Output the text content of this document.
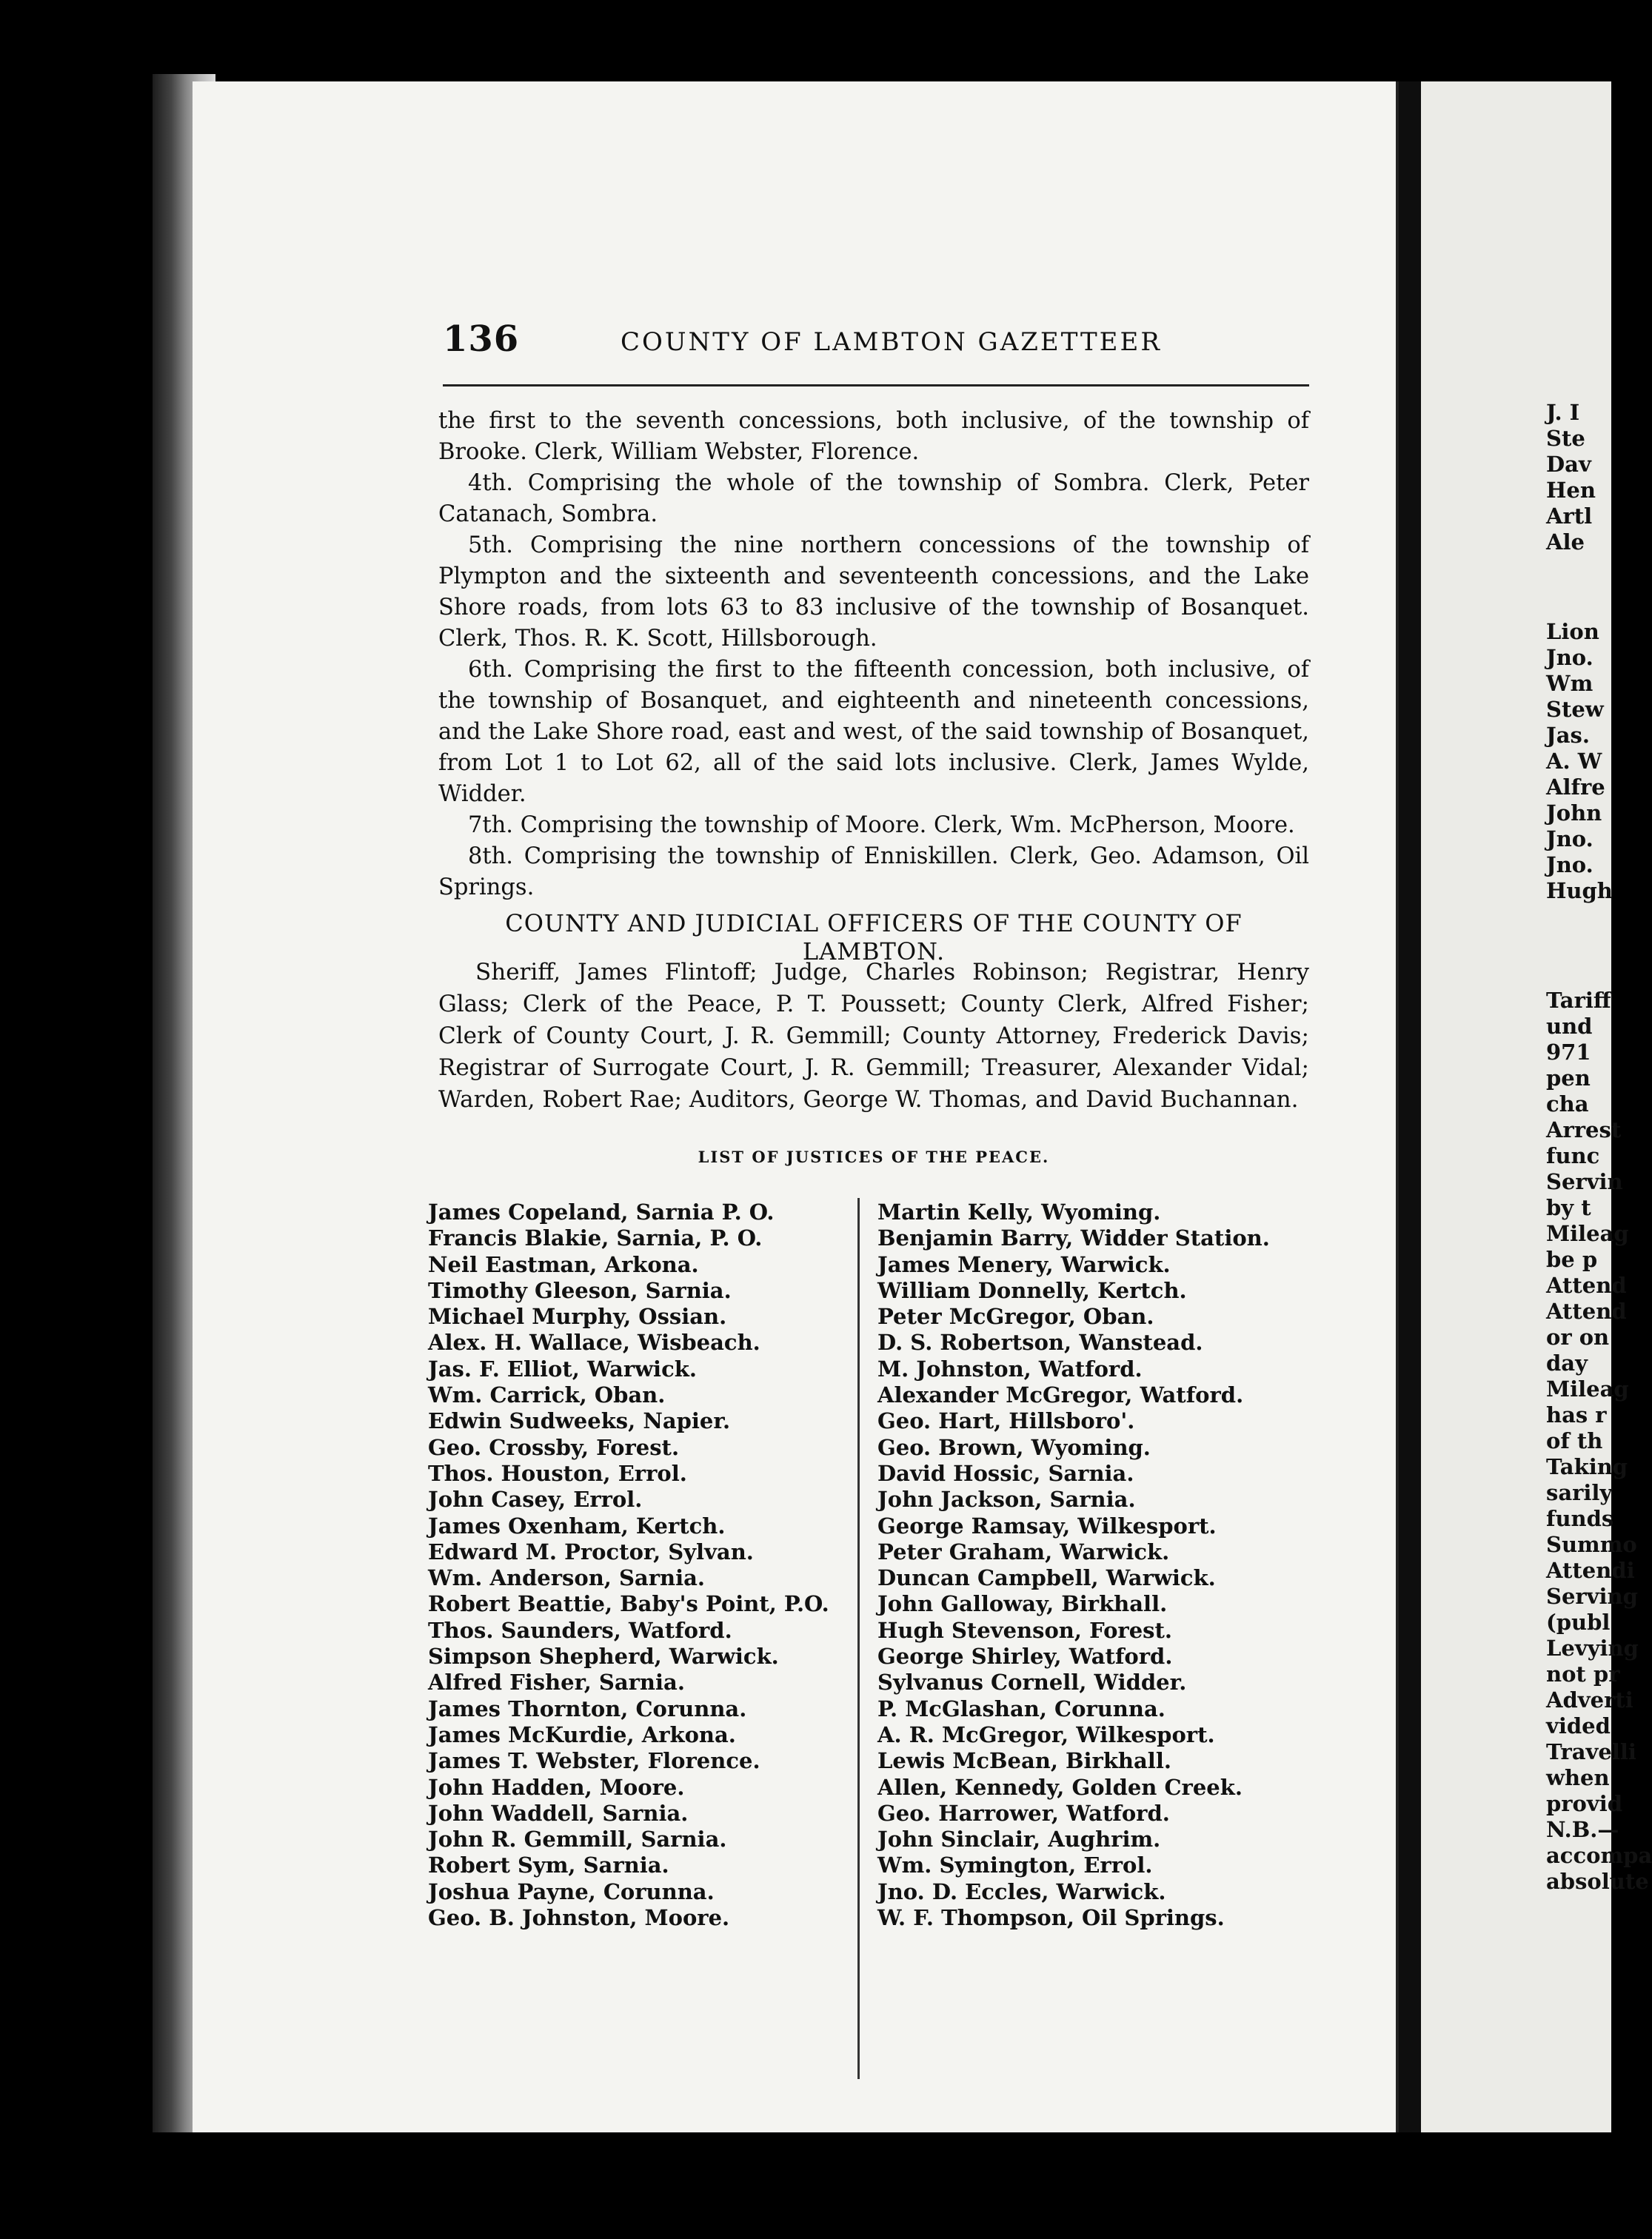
136	COUNTY OF LAMBTON GAZETTEER

the first to the seventh concessions, both inclusive, of the township of Brooke. Clerk, William Webster, Florence.

4th. Comprising the whole of the township of Sombra. Clerk, Peter Catanach, Sombra.

5th. Comprising the nine northern concessions of the township of Plympton and the sixteenth and seventeenth concessions, and the Lake Shore roads, from lots 63 to 83 inclusive of the township of Bosanquet. Clerk, Thos. R. K. Scott, Hillsborough.

6th. Comprising the first to the fifteenth concession, both inclusive, of the township of Bosanquet, and eighteenth and nineteenth concessions, and the Lake Shore road, east and west, of the said township of Bosanquet, from Lot 1 to Lot 62, all of the said lots inclusive. Clerk, James Wylde, Widder.

7th. Comprising the township of Moore. Clerk, Wm. McPherson, Moore.

8th. Comprising the township of Enniskillen. Clerk, Geo. Adamson, Oil Springs.

COUNTY AND JUDICIAL OFFICERS OF THE COUNTY OF LAMBTON.
Sheriff, James Flintoff; Judge, Charles Robinson; Registrar, Henry Glass; Clerk of the Peace, P. T. Poussett; County Clerk, Alfred Fisher; Clerk of County Court, J. R. Gemmill; County Attorney, Frederick Davis; Registrar of Surrogate Court, J. R. Gemmill; Treasurer, Alexander Vidal; Warden, Robert Rae; Auditors, George W. Thomas, and David Buchannan.
LIST OF JUSTICES OF THE PEACE.
James Copeland, Sarnia P. O.
Francis Blakie, Sarnia, P. O.
Neil Eastman, Arkona.
Timothy Gleeson, Sarnia.
Michael Murphy, Ossian.
Alex. H. Wallace, Wisbeach.
Jas. F. Elliot, Warwick.
Wm. Carrick, Oban.
Edwin Sudweeks, Napier.
Geo. Crossby, Forest.
Thos. Houston, Errol.
John Casey, Errol.
James Oxenham, Kertch.
Edward M. Proctor, Sylvan.
Wm. Anderson, Sarnia.
Robert Beattie, Baby's Point, P.O.
Thos. Saunders, Watford.
Simpson Shepherd, Warwick.
Alfred Fisher, Sarnia.
James Thornton, Corunna.
James McKurdie, Arkona.
James T. Webster, Florence.
John Hadden, Moore.
John Waddell, Sarnia.
John R. Gemmill, Sarnia.
Robert Sym, Sarnia.
Joshua Payne, Corunna.
Geo. B. Johnston, Moore.
Martin Kelly, Wyoming.
Benjamin Barry, Widder Station.
James Menery, Warwick.
William Donnelly, Kertch.
Peter McGregor, Oban.
D. S. Robertson, Wanstead.
M. Johnston, Watford.
Alexander McGregor, Watford.
Geo. Hart, Hillsboro'.
Geo. Brown, Wyoming.
David Hossic, Sarnia.
John Jackson, Sarnia.
George Ramsay, Wilkesport.
Peter Graham, Warwick.
Duncan Campbell, Warwick.
John Galloway, Birkhall.
Hugh Stevenson, Forest.
George Shirley, Watford.
Sylvanus Cornell, Widder.
P. McGlashan, Corunna.
A. R. McGregor, Wilkesport.
Lewis McBean, Birkhall.
Allen, Kennedy, Golden Creek.
Geo. Harrower, Watford.
John Sinclair, Aughrim.
Wm. Symington, Errol.
Jno. D. Eccles, Warwick.
W. F. Thompson, Oil Springs.
J. I
Ste
Dav
Hen
Artl
Ale
Lion
Jno.
Wm
Stew
Jas.
A. W
Alfre
John
Jno.
Jno.
Hugh
Tariff
und
971
pen
cha
Arrest
func
Servin
by t
Mileag
be p
Attend
Attend
or on
day
Mileag
has r
of th
Taking
sarily
funds
Summo
Attendi
Serving
(publ
Levying
not pr
Adverti
vided
Travelli
when
provid
N.B.—
accompa
absolute
